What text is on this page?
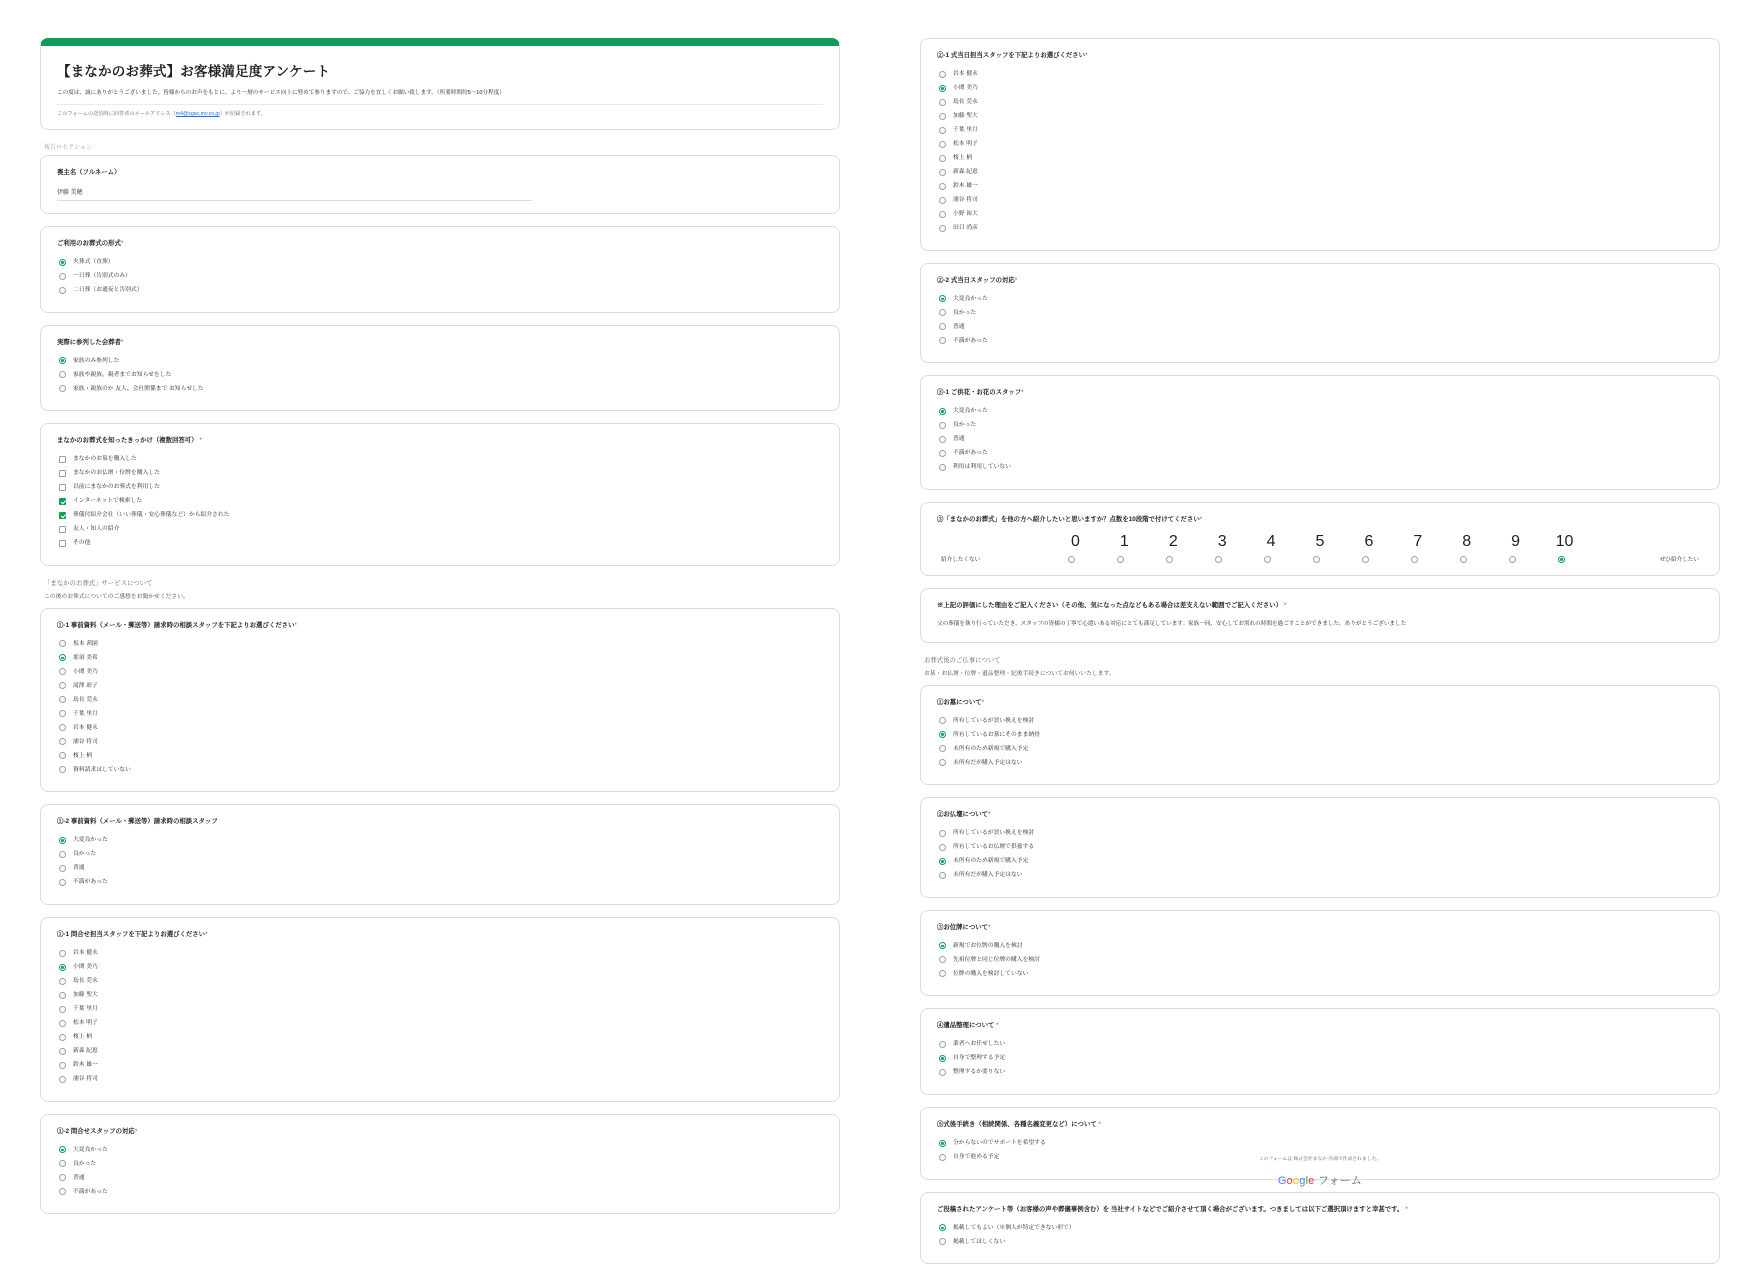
【まなかのお葬式】お客様満足度アンケート
この度は、誠にありがとうございました。皆様からのお声をもとに、より一層のサービス向上に努めて参りますので、ご協力を宜しくお願い致します。（所要時間約5〜10分程度）
このフォームの送信時に回答者のメールアドレス（m4@sgac.mv.co.jp）が記録されます。
報告ロセクション
喪主名（フルネーム）
伊藤 美穂
ご利用のお葬式の形式*
火葬式（直葬）
一日葬（告別式のみ）
二日葬（お通夜と告別式）
実際に参列した会葬者*
家族のみ参列した
家族や親族、親者までお知らせをした
家族・親族のか 友人、会社関係まで お知らせした
まなかのお葬式を知ったきっかけ（複数回答可） *
まなかのお墓を購入した
まなかのお仏壇・位牌を購入した
以前にまなかのお葬式を利用した
インターネットで検索した
葬儀付紹介会社（いい葬儀・安心葬儀など）から紹介された
友人・知人の紹介
その他
「まなかのお葬式」サービスについて
この後のお葬式についてのご感想をお聞かせください。
①-1 事前資料（メール・郵送等）請求時の相談スタッフを下記よりお選びください*
坂本 茜園
那須 美希
小関 美乃
滝澤 彩子
島長 莞永
千葉 里月
岩本 健永
浦谷 将司
桜上 柄
資料請求はしていない
①-2 事前資料（メール・郵送等）請求時の相談スタッフ
大変良かった
良かった
普通
不満があった
①-1 問合せ担当スタッフを下記よりお選びください*
岩本 健永
小関 美乃
島長 莞永
加藤 聖大
千葉 里月
松本 明子
桜上 柄
新森 紀恵
鈴木 雄一
浦谷 将司
①-2 問合せスタッフの対応*
大変良かった
良かった
普通
不満があった
②-1 式当日担当スタッフを下記よりお選びください*
岩本 健永
小関 美乃
島長 莞永
加藤 聖大
千葉 里月
松本 明子
桜上 柄
新森 紀恵
鈴木 雄一
浦谷 将司
小野 裕大
田目 尚彦
②-2 式当日スタッフの対応*
大変良かった
良かった
普通
不満があった
③-1 ご供花・お花のスタッフ*
大変良かった
良かった
普通
不満があった
利用は利用していない
③「まなかのお葬式」を他の方へ紹介したいと思いますか？点数を10段階で付けてください*
0	1	2	3	4	5	6	7	8	9	10
紹介したくない	ぜひ紹介したい
※上記の評価にした理由をご記入ください（その他、気になった点などもある場合は差支えない範囲でご記入ください） *
父の葬儀を執り行っていただき、スタッフの皆様の丁寧で心遣いある対応にとても満足しています。家族一同、安心してお別れの時間を過ごすことができました。ありがとうございました
お葬式後のご仏事について
お墓・お仏壇・位牌・遺品整理・紀後手続きについてお伺いいたします。
①お墓について*
所有しているが買い換えを検討
所有しているお墓にそのまま納骨
未所有のため新規で購入予定
未所有だが購入予定はない
②お仏壇について*
所有しているが買い換えを検討
所有しているお仏壇で供養する
未所有のため新規で購入予定
未所有だが購入予定はない
③お位牌について*
新規でお位牌の購入を検討
先祖位牌と同じ位牌の購入を検討
位牌の購入を検討していない
④遺品整理について *
業者へお任せしたい
自身で整理する予定
整理するか要りない
⑤式後手続き（相続関係、各種名義変更など）について *
分からないのでサポートを希望する
自身で進める予定
ご投稿されたアンケート等（お客様の声や葬儀事例含む）を 当社サイトなどでご紹介させて頂く場合がございます。つきましては以下ご選択頂けますと幸甚です。 *
掲載してもよい（※個人が特定できない形で）
掲載してほしくない
このフォームは 株式会社まなか 内部で作成されました。
Google フォーム
